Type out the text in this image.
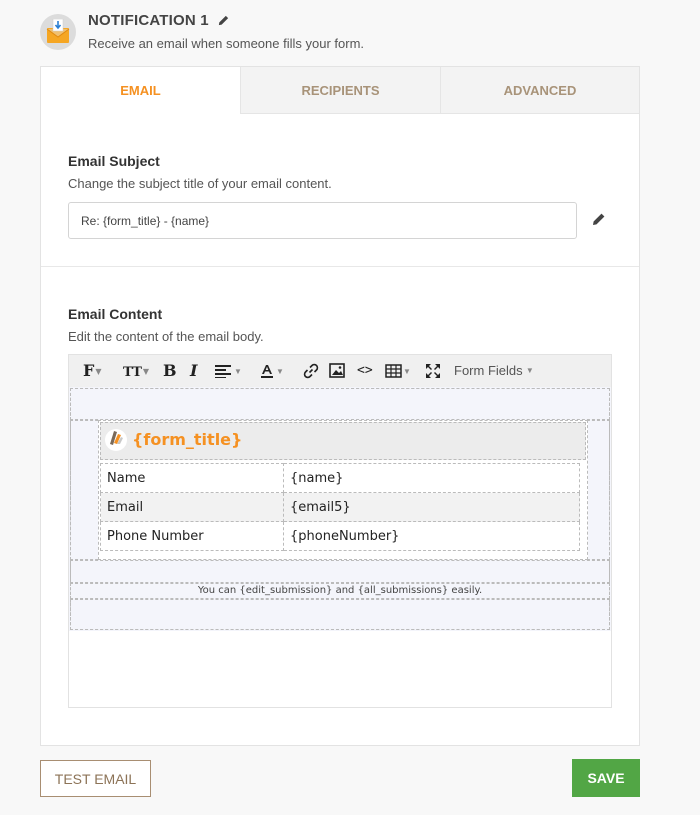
NOTIFICATION 1
Receive an email when someone fills your form.
EMAIL	RECIPIENTS	ADVANCED
Email Subject
Change the subject title of your email content.
Re: {form_title} - {name}
Email Content
Edit the content of the email body.
F▼ TT▼ B I	▼	▼	<>	▼	Form Fields ▼
{form_title}
Name	{name}
Email	{email5}
Phone Number	{phoneNumber}
You can {edit_submission} and {all_submissions} easily.
TEST EMAIL	SAVE
